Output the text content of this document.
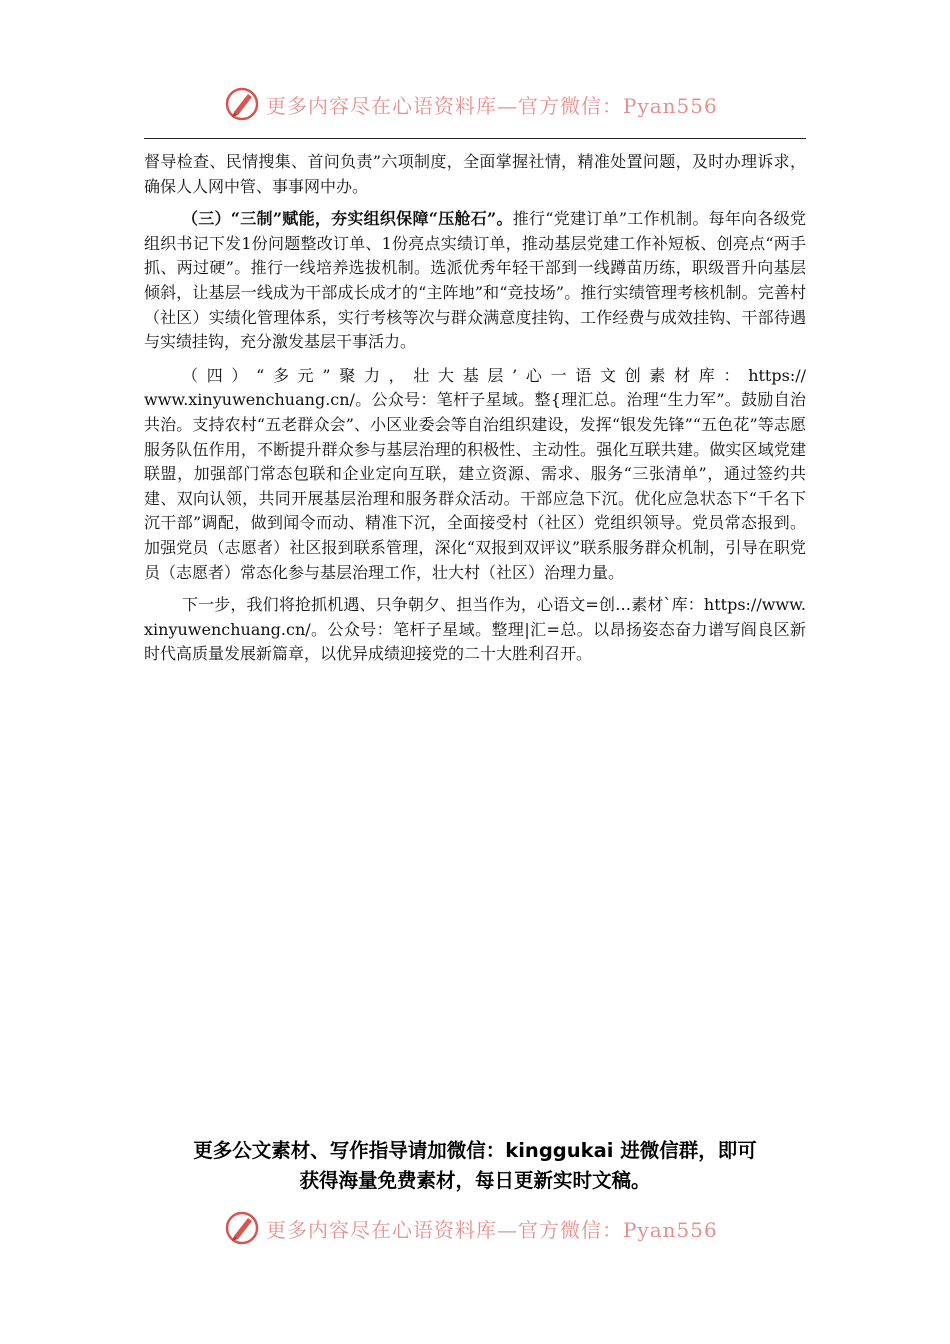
更多内容尽在心语资料库—官方微信：Pyan556

督导检查、民情搜集、首问负责”六项制度，全面掌握社情，精准处置问题，及时办理诉求，确保人人网中管、事事网中办。

（三）“三制”赋能，夯实组织保障“压舱石”。推行“党建订单”工作机制。每年向各级党组织书记下发1份问题整改订单、1份亮点实绩订单，推动基层党建工作补短板、创亮点“两手抓、两过硬”。推行一线培养选拔机制。选派优秀年轻干部到一线蹲苗历练，职级晋升向基层倾斜，让基层一线成为干部成长成才的“主阵地”和“竞技场”。推行实绩管理考核机制。完善村（社区）实绩化管理体系，实行考核等次与群众满意度挂钩、工作经费与成效挂钩、干部待遇与实绩挂钩，充分激发基层干事活力。

（四）“多元”聚力，壮大基层’心一语文创素材库：https://

www.xinyuwenchuang.cn/。公众号：笔杆子星域。整{理汇总。治理“生力军”。鼓励自治共治。支持农村“五老群众会”、小区业委会等自治组织建设，发挥“银发先锋”“五色花”等志愿服务队伍作用，不断提升群众参与基层治理的积极性、主动性。强化互联共建。做实区域党建联盟，加强部门常态包联和企业定向互联，建立资源、需求、服务“三张清单”，通过签约共建、双向认领，共同开展基层治理和服务群众活动。干部应急下沉。优化应急状态下“千名下沉干部”调配，做到闻令而动、精准下沉，全面接受村（社区）党组织领导。党员常态报到。加强党员（志愿者）社区报到联系管理，深化“双报到双评议”联系服务群众机制，引导在职党员（志愿者）常态化参与基层治理工作，壮大村（社区）治理力量。

下一步，我们将抢抓机遇、只争朝夕、担当作为，心语文=创…素材`库：https://www.xinyuwenchuang.cn/。公众号：笔杆子星域。整理|汇=总。以昂扬姿态奋力谱写阎良区新时代高质量发展新篇章，以优异成绩迎接党的二十大胜利召开。

更多公文素材、写作指导请加微信：kinggukai 进微信群，即可
获得海量免费素材，每日更新实时文稿。
更多内容尽在心语资料库—官方微信：Pyan556
